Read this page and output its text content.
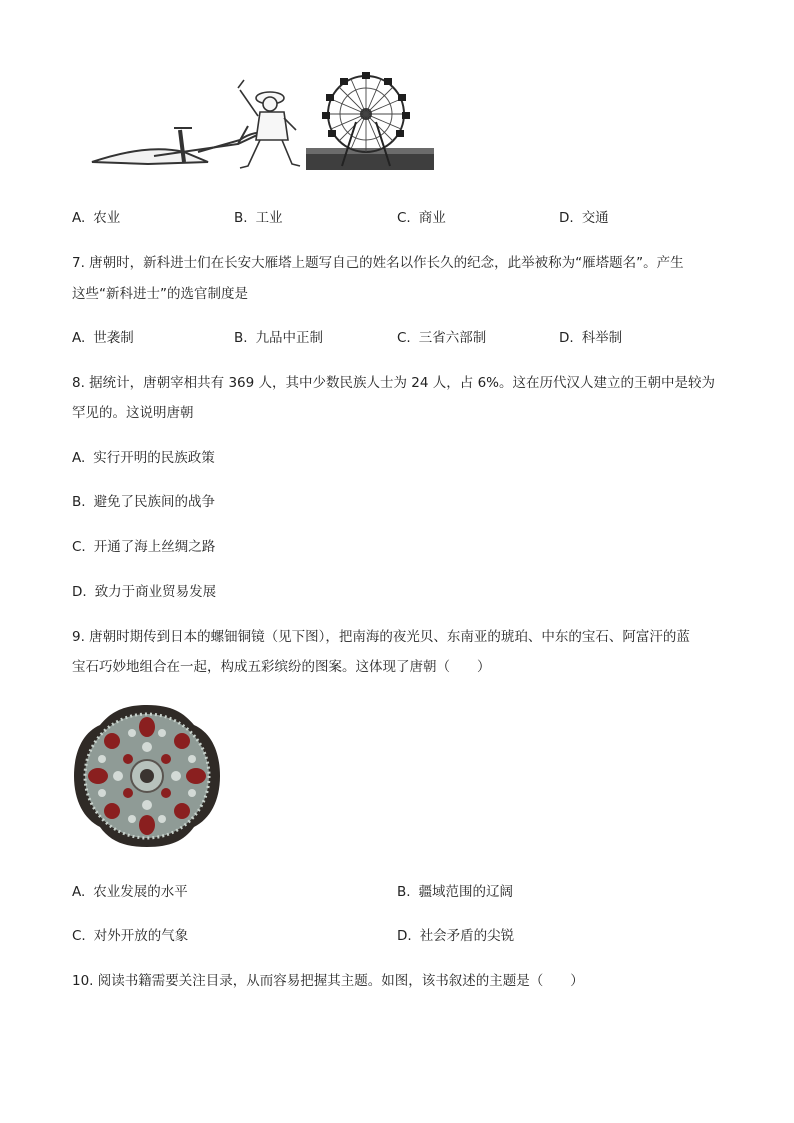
A. 农业	B. 工业	C. 商业	D. 交通
7. 唐朝时，新科进士们在长安大雁塔上题写自己的姓名以作长久的纪念，此举被称为“雁塔题名”。产生
这些“新科进士”的选官制度是
A. 世袭制	B. 九品中正制	C. 三省六部制	D. 科举制
8. 据统计，唐朝宰相共有 369 人，其中少数民族人士为 24 人，占 6%。这在历代汉人建立的王朝中是较为
罕见的。这说明唐朝
A. 实行开明的民族政策
B. 避免了民族间的战争
C. 开通了海上丝绸之路
D. 致力于商业贸易发展
9. 唐朝时期传到日本的螺钿铜镜（见下图），把南海的夜光贝、东南亚的琥珀、中东的宝石、阿富汗的蓝
宝石巧妙地组合在一起，构成五彩缤纷的图案。这体现了唐朝（　　）
A. 农业发展的水平	B. 疆域范围的辽阔
C. 对外开放的气象	D. 社会矛盾的尖锐
10. 阅读书籍需要关注目录，从而容易把握其主题。如图，该书叙述的主题是（　　）
